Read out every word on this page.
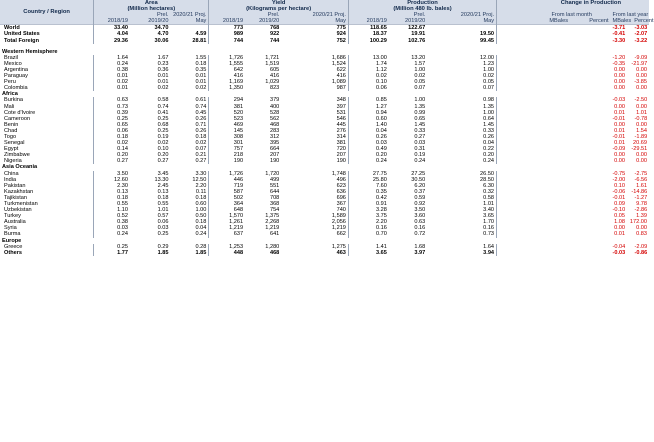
Country / Region	Area
(Million hectares)			Yield
(Kilograms per hectare)			Production
(Million 480 lb. bales)				Change in Production		
		Prel.	2020/21 Proj.		Prel.	2020/21 Proj.		Prel.	2020/21 Proj.		From last month		From last year
	2018/19	2019/20	May	2018/19	2019/20	May	2018/19	2019/20	May		MBales	Percent	MBales Percent
World	33.40	34.70		773	768	775	118.65	122.67					-3.71 -3.03
United States	4.04	4.70	4.59	989	922	924	18.37	19.91	19.50				-0.41 -2.07
Total Foreign	29.36	30.06	28.81	744	744	752	100.29	102.76	99.45				-3.30 -3.22

Western Hemisphere													
Brazil	1.64	1.67	1.55	1,726	1,721	1,686	13.00	13.20	12.00				-1.20 -9.09
Mexico	0.24	0.23	0.18	1,555	1,519	1,524	1.74	1.57	1.23				-0.35 -21.97
Argentina	0.38	0.36	0.35	642	605	622	1.12	1.00	1.00				0.00 0.00
Paraguay	0.01	0.01	0.01	416	416	416	0.02	0.02	0.02				0.00 0.00
Peru	0.02	0.01	0.01	1,169	1,029	1,089	0.10	0.05	0.05				0.00 -3.85
Colombia	0.01	0.02	0.02	1,350	823	987	0.06	0.07	0.07				0.00 0.00
Africa													
Burkina	0.63	0.58	0.61	294	379	348	0.85	1.00	0.98				-0.03 -2.50
Mali	0.73	0.74	0.74	381	400	397	1.27	1.35	1.35				0.00 0.00
Cote d'Ivoire	0.39	0.41	0.45	520	528	531	0.94	0.99	1.00				0.01 1.01
Cameroon	0.25	0.25	0.26	523	562	546	0.60	0.65	0.64				-0.01 -0.78
Benin	0.65	0.68	0.71	469	468	445	1.40	1.45	1.45				0.00 0.00
Chad	0.06	0.25	0.26	145	283	276	0.04	0.33	0.33				0.01 1.54
Togo	0.18	0.19	0.18	308	312	314	0.26	0.27	0.26				-0.01 -1.89
Senegal	0.02	0.02	0.02	301	395	381	0.03	0.03	0.04				0.01 20.69
Egypt	0.14	0.10	0.07	757	664	720	0.49	0.31	0.22				-0.09 -29.51
Zimbabwe	0.20	0.20	0.21	218	207	207	0.20	0.19	0.20				0.00 0.00
Nigeria	0.27	0.27	0.27	190	190	190	0.24	0.24	0.24				0.00 0.00
Asia Oceania													
China	3.50	3.45	3.30	1,726	1,720	1,748	27.75	27.25	26.50				-0.75 -2.75
India	12.60	13.30	12.50	446	499	496	25.80	30.50	28.50				-2.00 -6.56
Pakistan	2.30	2.45	2.20	719	551	623	7.60	6.20	6.30				0.10 1.61
Kazakhstan	0.13	0.13	0.11	587	644	636	0.35	0.37	0.32				-0.06 -14.86
Tajikistan	0.18	0.18	0.18	502	708	696	0.42	0.59	0.58				-0.01 -1.27
Turkmenistan	0.55	0.55	0.60	364	368	367	0.91	0.92	1.01				0.09 9.78
Uzbekistan	1.10	1.01	1.00	648	754	740	3.28	3.50	3.40				-0.10 -2.86
Turkey	0.52	0.57	0.50	1,570	1,375	1,589	3.75	3.60	3.65				0.05 1.39
Australia	0.38	0.06	0.18	1,261	2,268	2,056	2.20	0.63	1.70				1.08 172.00
Syria	0.03	0.03	0.04	1,219	1,219	1,219	0.16	0.16	0.16				0.00 0.00
Burma	0.24	0.25	0.24	637	641	662	0.70	0.72	0.73				0.01 0.83
Europe													
Greece	0.25	0.29	0.28	1,253	1,280	1,275	1.41	1.68	1.64				-0.04 -2.09
Others	1.77	1.85	1.85	448	468	463	3.65	3.97	3.94				-0.03 -0.86
